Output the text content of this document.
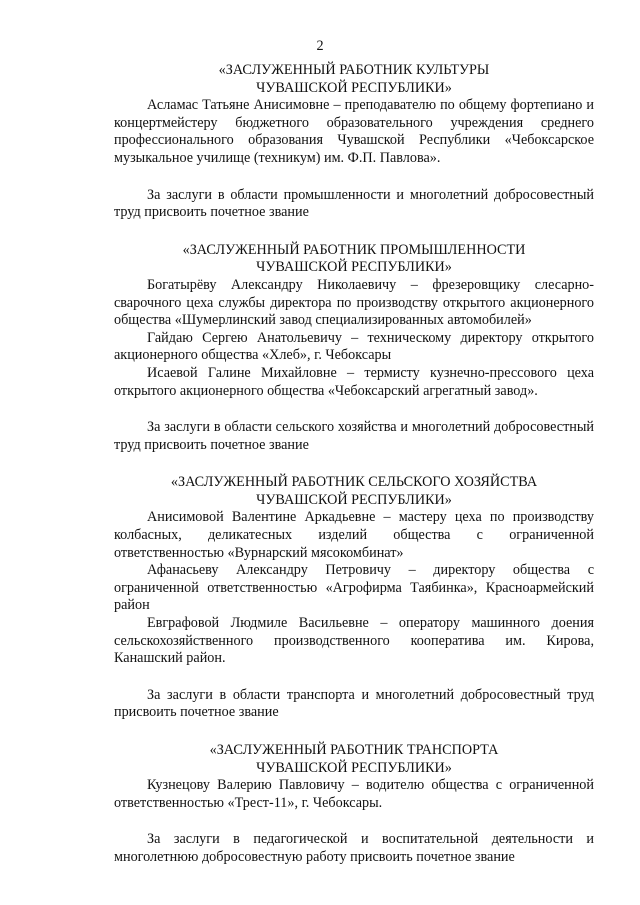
2
«ЗАСЛУЖЕННЫЙ РАБОТНИК КУЛЬТУРЫ
ЧУВАШСКОЙ РЕСПУБЛИКИ»

Асламас Татьяне Анисимовне – преподавателю по общему фортепиано и концертмейстеру бюджетного образовательного учреждения среднего профессионального образования Чувашской Республики «Чебоксарское музыкальное училище (техникум) им. Ф.П. Павлова».

За заслуги в области промышленности и многолетний добросовестный труд присвоить почетное звание

«ЗАСЛУЖЕННЫЙ РАБОТНИК ПРОМЫШЛЕННОСТИ
ЧУВАШСКОЙ РЕСПУБЛИКИ»

Богатырёву Александру Николаевичу – фрезеровщику слесарно-сварочного цеха службы директора по производству открытого акционерного общества «Шумерлинский завод специализированных автомобилей»

Гайдаю Сергею Анатольевичу – техническому директору открытого акционерного общества «Хлеб», г. Чебоксары

Исаевой Галине Михайловне – термисту кузнечно-прессового цеха открытого акционерного общества «Чебоксарский агрегатный завод».

За заслуги в области сельского хозяйства и многолетний добросовестный труд присвоить почетное звание

«ЗАСЛУЖЕННЫЙ РАБОТНИК СЕЛЬСКОГО ХОЗЯЙСТВА
ЧУВАШСКОЙ РЕСПУБЛИКИ»

Анисимовой Валентине Аркадьевне – мастеру цеха по производству колбасных, деликатесных изделий общества с ограниченной ответственностью «Вурнарский мясокомбинат»

Афанасьеву Александру Петровичу – директору общества с ограниченной ответственностью «Агрофирма Таябинка», Красноармейский район

Евграфовой Людмиле Васильевне – оператору машинного доения сельскохозяйственного производственного кооператива им. Кирова, Канашский район.

За заслуги в области транспорта и многолетний добросовестный труд присвоить почетное звание

«ЗАСЛУЖЕННЫЙ РАБОТНИК ТРАНСПОРТА
ЧУВАШСКОЙ РЕСПУБЛИКИ»

Кузнецову Валерию Павловичу – водителю общества с ограниченной ответственностью «Трест-11», г. Чебоксары.

За заслуги в педагогической и воспитательной деятельности и многолетнюю добросовестную работу присвоить почетное звание
